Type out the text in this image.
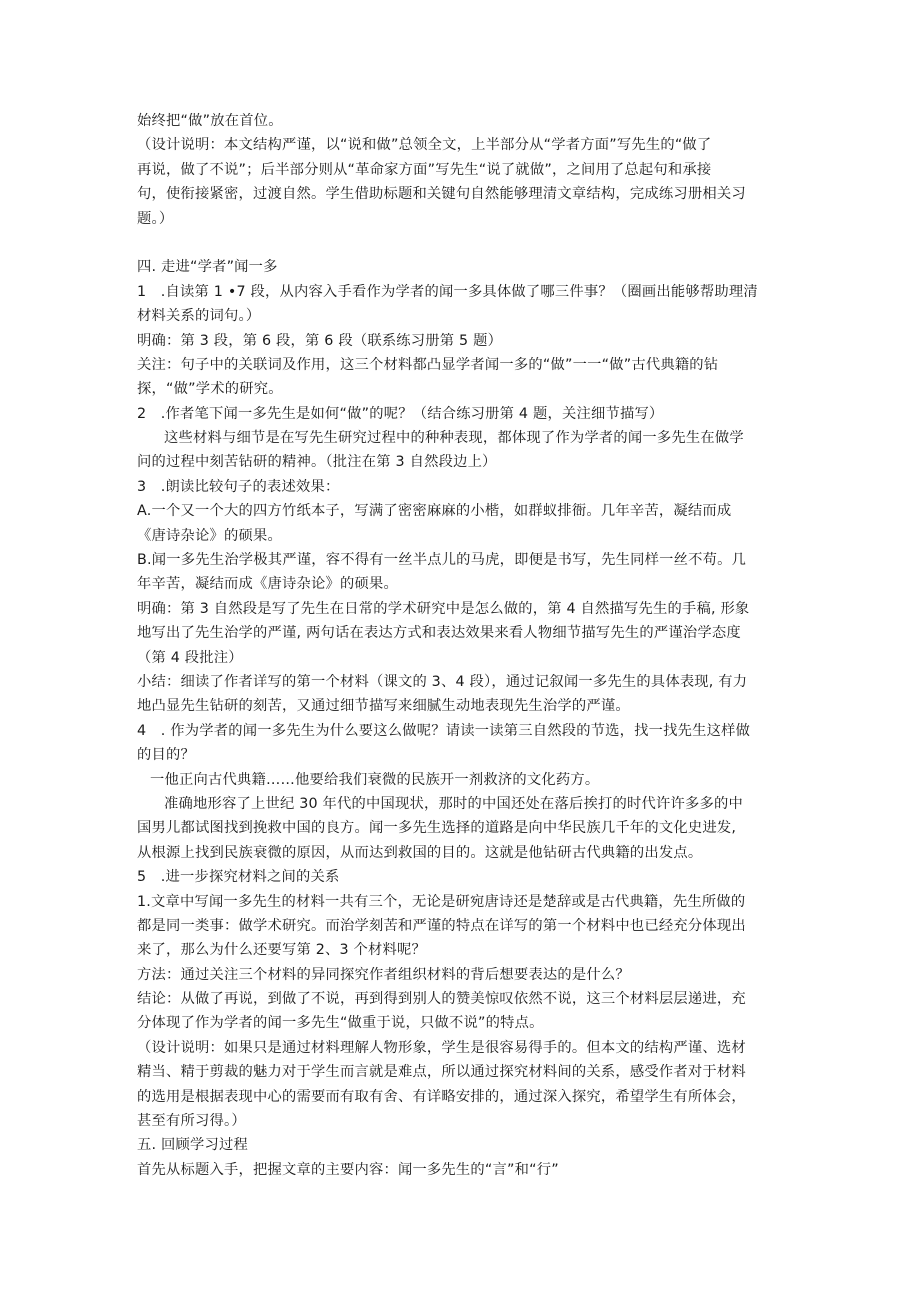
始终把“做”放在首位。
（设计说明：本文结构严谨，以“说和做”总领全文，上半部分从“学者方面”写先生的“做了
再说，做了不说”；后半部分则从“革命家方面”写先生“说了就做”，之间用了总起句和承接
句，使衔接紧密，过渡自然。学生借助标题和关键句自然能够理清文章结构，完成练习册相关习
题。）
四. 走进“学者”闻一多
1　.自读第 1 •7 段，从内容入手看作为学者的闻一多具体做了哪三件事？（圈画出能够帮助理清
材料关系的词句。）
明确：第 3 段，第 6 段，第 6 段（联系练习册第 5 题）
关注：句子中的关联词及作用，这三个材料都凸显学者闻一多的“做”一一“做”古代典籍的钻
探，“做”学术的研究。
2　.作者笔下闻一多先生是如何“做”的呢？（结合练习册第 4 题，关注细节描写）
这些材料与细节是在写先生研究过程中的种种表现，都体现了作为学者的闻一多先生在做学
问的过程中刻苦钻研的精神。（批注在第 3 自然段边上）
3　.朗读比较句子的表述效果：
A.一个又一个大的四方竹纸本子，写满了密密麻麻的小楷，如群蚁排衙。几年辛苦，凝结而成
《唐诗杂论》的硕果。
B.闻一多先生治学极其严谨，容不得有一丝半点儿的马虎，即便是书写，先生同样一丝不苟。几
年辛苦，凝结而成《唐诗杂论》的硕果。
明确：第 3 自然段是写了先生在日常的学术研究中是怎么做的，第 4 自然描写先生的手稿, 形象
地写出了先生治学的严谨, 两句话在表达方式和表达效果来看人物细节描写先生的严谨治学态度
（第 4 段批注）
小结：细读了作者详写的第一个材料（课文的 3、4 段），通过记叙闻一多先生的具体表现, 有力
地凸显先生钻研的刻苦，又通过细节描写来细腻生动地表现先生治学的严谨。
4　. 作为学者的闻一多先生为什么要这么做呢？请读一读第三自然段的节选，找一找先生这样做
的目的？
一他正向古代典籍……他要给我们衰微的民族开一剂救济的文化药方。
准确地形容了上世纪 30 年代的中国现状，那时的中国还处在落后挨打的时代许许多多的中
国男儿都试图找到挽救中国的良方。闻一多先生选择的道路是向中华民族几千年的文化史进发,
从根源上找到民族衰微的原因，从而达到救国的目的。这就是他钻研古代典籍的出发点。
5　.进一步探究材料之间的关系
1.文章中写闻一多先生的材料一共有三个，无论是研宛唐诗还是楚辞或是古代典籍，先生所做的
都是同一类事：做学术研究。而治学刻苦和严谨的特点在详写的第一个材料中也已经充分体现出
来了，那么为什么还要写第 2、3 个材料呢？
方法：通过关注三个材料的异同探究作者组织材料的背后想要表达的是什么？
结论：从做了再说，到做了不说，再到得到别人的赞美惊叹依然不说，这三个材料层层递进，充
分体现了作为学者的闻一多先生“做重于说，只做不说”的特点。
（设计说明：如果只是通过材料理解人物形象，学生是很容易得手的。但本文的结构严谨、选材
精当、精于剪裁的魅力对于学生而言就是难点，所以通过探究材料间的关系，感受作者对于材料
的选用是根据表现中心的需要而有取有舍、有详略安排的，通过深入探究，希望学生有所体会，
甚至有所习得。）
五. 回顾学习过程
首先从标题入手，把握文章的主要内容：闻一多先生的“言”和“行”
